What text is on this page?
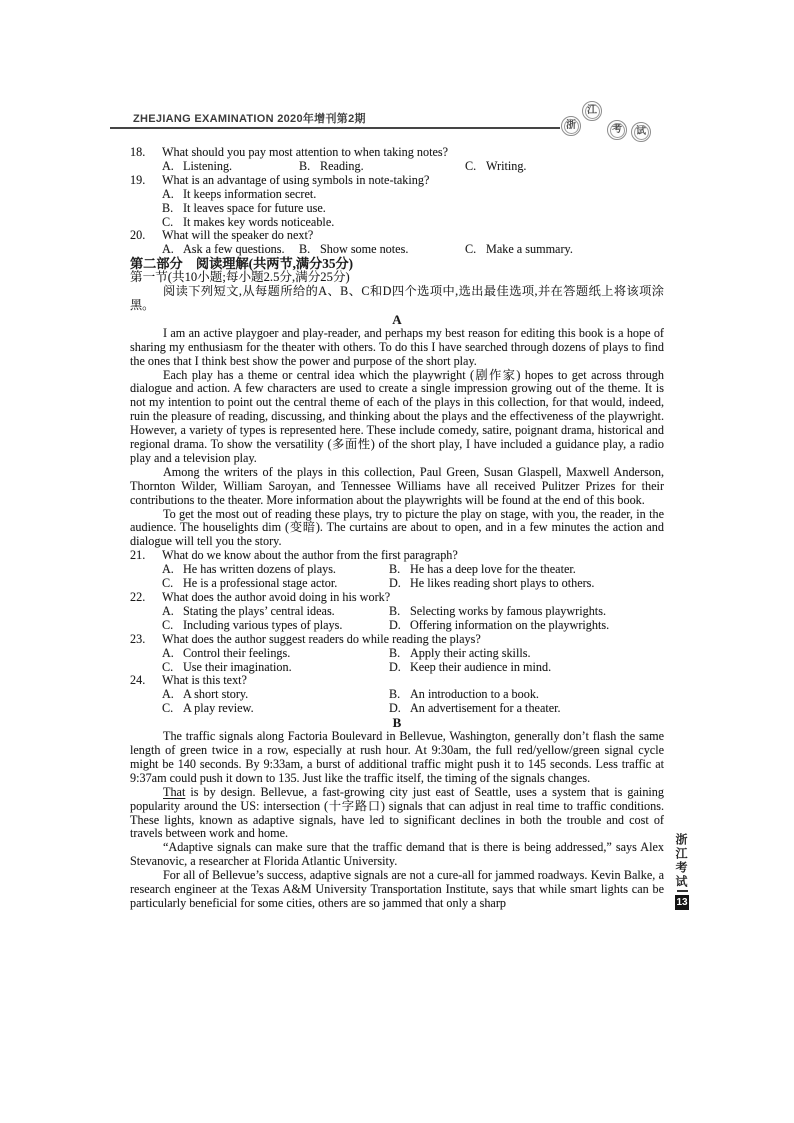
ZHEJIANG EXAMINATION 2020年增刊第2期
浙
江
考 试
18.	What should you pay most attention to when taking notes?
A. Listening.	B. Reading.	C. Writing.
19.	What is an advantage of using symbols in note-taking?
A. It keeps information secret.
B. It leaves space for future use.
C. It makes key words noticeable.
20.	What will the speaker do next?
A. Ask a few questions. B. Show some notes.	C. Make a summary.
第二部分　阅读理解(共两节,满分35分)
第一节(共10小题;每小题2.5分,满分25分)

阅读下列短文,从每题所给的A、B、C和D四个选项中,选出最佳选项,并在答题纸上将该项涂黑。

A

I am an active playgoer and play-reader, and perhaps my best reason for editing this book is a hope of sharing my enthusiasm for the theater with others. To do this I have searched through dozens of plays to find the ones that I think best show the power and purpose of the short play.

Each play has a theme or central idea which the playwright (剧作家) hopes to get across through dialogue and action. A few characters are used to create a single impression growing out of the theme. It is not my intention to point out the central theme of each of the plays in this collection, for that would, indeed, ruin the pleasure of reading, discussing, and thinking about the plays and the effectiveness of the playwright. However, a variety of types is represented here. These include comedy, satire, poignant drama, historical and regional drama. To show the versatility (多面性) of the short play, I have included a guidance play, a radio play and a television play.

Among the writers of the plays in this collection, Paul Green, Susan Glaspell, Maxwell Anderson, Thornton Wilder, William Saroyan, and Tennessee Williams have all received Pulitzer Prizes for their contributions to the theater. More information about the playwrights will be found at the end of this book.

To get the most out of reading these plays, try to picture the play on stage, with you, the reader, in the audience. The houselights dim (变暗). The curtains are about to open, and in a few minutes the action and dialogue will tell you the story.

21.	What do we know about the author from the first paragraph?
A. He has written dozens of plays.	B. He has a deep love for the theater.
C. He is a professional stage actor.	D. He likes reading short plays to others.
22.	What does the author avoid doing in his work?
A. Stating the plays’ central ideas.	B. Selecting works by famous playwrights.
C. Including various types of plays.	D. Offering information on the playwrights.
23.	What does the author suggest readers do while reading the plays?
A. Control their feelings.	B. Apply their acting skills.
C. Use their imagination.	D. Keep their audience in mind.
24.	What is this text?
A. A short story.	B. An introduction to a book.
C. A play review.	D. An advertisement for a theater.
B

The traffic signals along Factoria Boulevard in Bellevue, Washington, generally don’t flash the same length of green twice in a row, especially at rush hour. At 9:30am, the full red/yellow/green signal cycle might be 140 seconds. By 9:33am, a burst of additional traffic might push it to 145 seconds. Less traffic at 9:37am could push it down to 135. Just like the traffic itself, the timing of the signals changes.

That is by design. Bellevue, a fast-growing city just east of Seattle, uses a system that is gaining popularity around the US: intersection (十字路口) signals that can adjust in real time to traffic conditions. These lights, known as adaptive signals, have led to significant declines in both the trouble and cost of travels between work and home.

“Adaptive signals can make sure that the traffic demand that is there is being addressed,” says Alex Stevanovic, a researcher at Florida Atlantic University.

For all of Bellevue’s success, adaptive signals are not a cure-all for jammed roadways. Kevin Balke, a research engineer at the Texas A&M University Transportation Institute, says that while smart lights can be particularly beneficial for some cities, others are so jammed that only a sharp

浙江考试
13
